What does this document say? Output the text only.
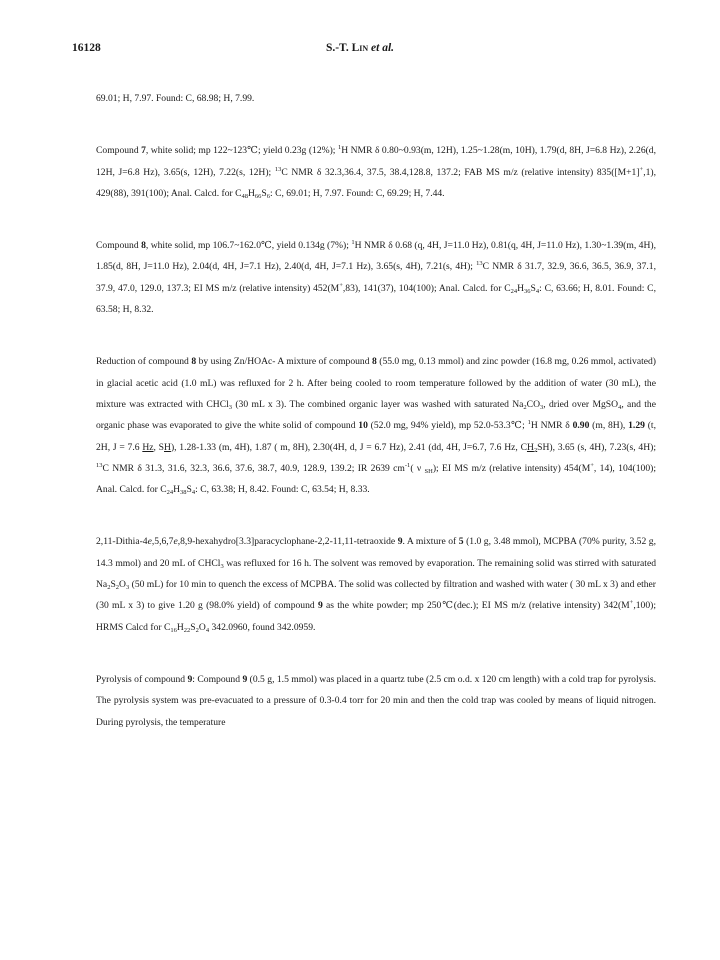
16128	S.-T. Lin et al.

69.01; H, 7.97. Found: C, 68.98; H, 7.99.

Compound 7, white solid; mp 122~123℃; yield 0.23g (12%); $^1$H NMR δ 0.80~0.93(m, 12H), 1.25~1.28(m, 10H), 1.79(d, 8H, J=6.8 Hz), 2.26(d, 12H, J=6.8 Hz), 3.65(s, 12H), 7.22(s, 12H); $^{13}$C NMR δ 32.3,36.4, 37.5, 38.4,128.8, 137.2; FAB MS m/z (relative intensity) 835([M+1]+,1), 429(88), 391(100); Anal. Calcd. for $C_{48}H_{66}S_6$: C, 69.01; H, 7.97. Found: C, 69.29; H, 7.44.

Compound 8, white solid, mp 106.7~162.0℃, yield 0.134g (7%); $^1$H NMR δ 0.68 (q, 4H, J=11.0 Hz), 0.81(q, 4H, J=11.0 Hz), 1.30~1.39(m, 4H), 1.85(d, 8H, J=11.0 Hz), 2.04(d, 4H, J=7.1 Hz), 2.40(d, 4H, J=7.1 Hz), 3.65(s, 4H), 7.21(s, 4H); $^{13}$C NMR δ 31.7, 32.9, 36.6, 36.5, 36.9, 37.1, 37.9, 47.0, 129.0, 137.3; EI MS m/z (relative intensity) 452(M+,83), 141(37), 104(100); Anal. Calcd. for $C_{24}H_{36}S_4$: C, 63.66; H, 8.01. Found: C, 63.58; H, 8.32.

Reduction of compound 8 by using Zn/HOAc- A mixture of compound 8 (55.0 mg, 0.13 mmol) and zinc powder (16.8 mg, 0.26 mmol, activated) in glacial acetic acid (1.0 mL) was refluxed for 2 h. After being cooled to room temperature followed by the addition of water (30 mL), the mixture was extracted with CHCl$_3$ (30 mL x 3). The combined organic layer was washed with saturated $Na_2CO_3$, dried over MgSO$_4$, and the organic phase was evaporated to give the white solid of compound 10 (52.0 mg, 94% yield), mp 52.0-53.3℃; $^1$H NMR δ 0.90 (m, 8H), 1.29 (t, 2H, J = 7.6 Hz, SH), 1.28-1.33 (m, 4H), 1.87 ( m, 8H), 2.30(4H, d, J = 6.7 Hz), 2.41 (dd, 4H, J=6.7, 7.6 Hz, $CH_2SH$), 3.65 (s, 4H), 7.23(s, 4H); $^{13}$C NMR δ 31.3, 31.6, 32.3, 36.6, 37.6, 38.7, 40.9, 128.9, 139.2; IR 2639 $cm^{-1}$( ν $_{SH}$); EI MS m/z (relative intensity) 454(M+, 14), 104(100); Anal. Calcd. for $C_{24}H_{38}S_4$: C, 63.38; H, 8.42. Found: C, 63.54; H, 8.33.

2,11-Dithia-4e,5,6,7e,8,9-hexahydro[3.3]paracyclophane-2,2-11,11-tetraoxide 9. A mixture of 5 (1.0 g, 3.48 mmol), MCPBA (70% purity, 3.52 g, 14.3 mmol) and 20 mL of CHCl$_3$ was refluxed for 16 h. The solvent was removed by evaporation. The remaining solid was stirred with saturated $Na_2S_2O_3$ (50 mL) for 10 min to quench the excess of MCPBA. The solid was collected by filtration and washed with water ( 30 mL x 3) and ether (30 mL x 3) to give 1.20 g (98.0% yield) of compound 9 as the white powder; mp 250℃(dec.); EI MS m/z (relative intensity) 342(M+,100); HRMS Calcd for $C_{16}H_{22}S_2O_4$ 342.0960, found 342.0959.

Pyrolysis of compound 9: Compound 9 (0.5 g, 1.5 mmol) was placed in a quartz tube (2.5 cm o.d. x 120 cm length) with a cold trap for pyrolysis. The pyrolysis system was pre-evacuated to a pressure of 0.3-0.4 torr for 20 min and then the cold trap was cooled by means of liquid nitrogen. During pyrolysis, the temperature
